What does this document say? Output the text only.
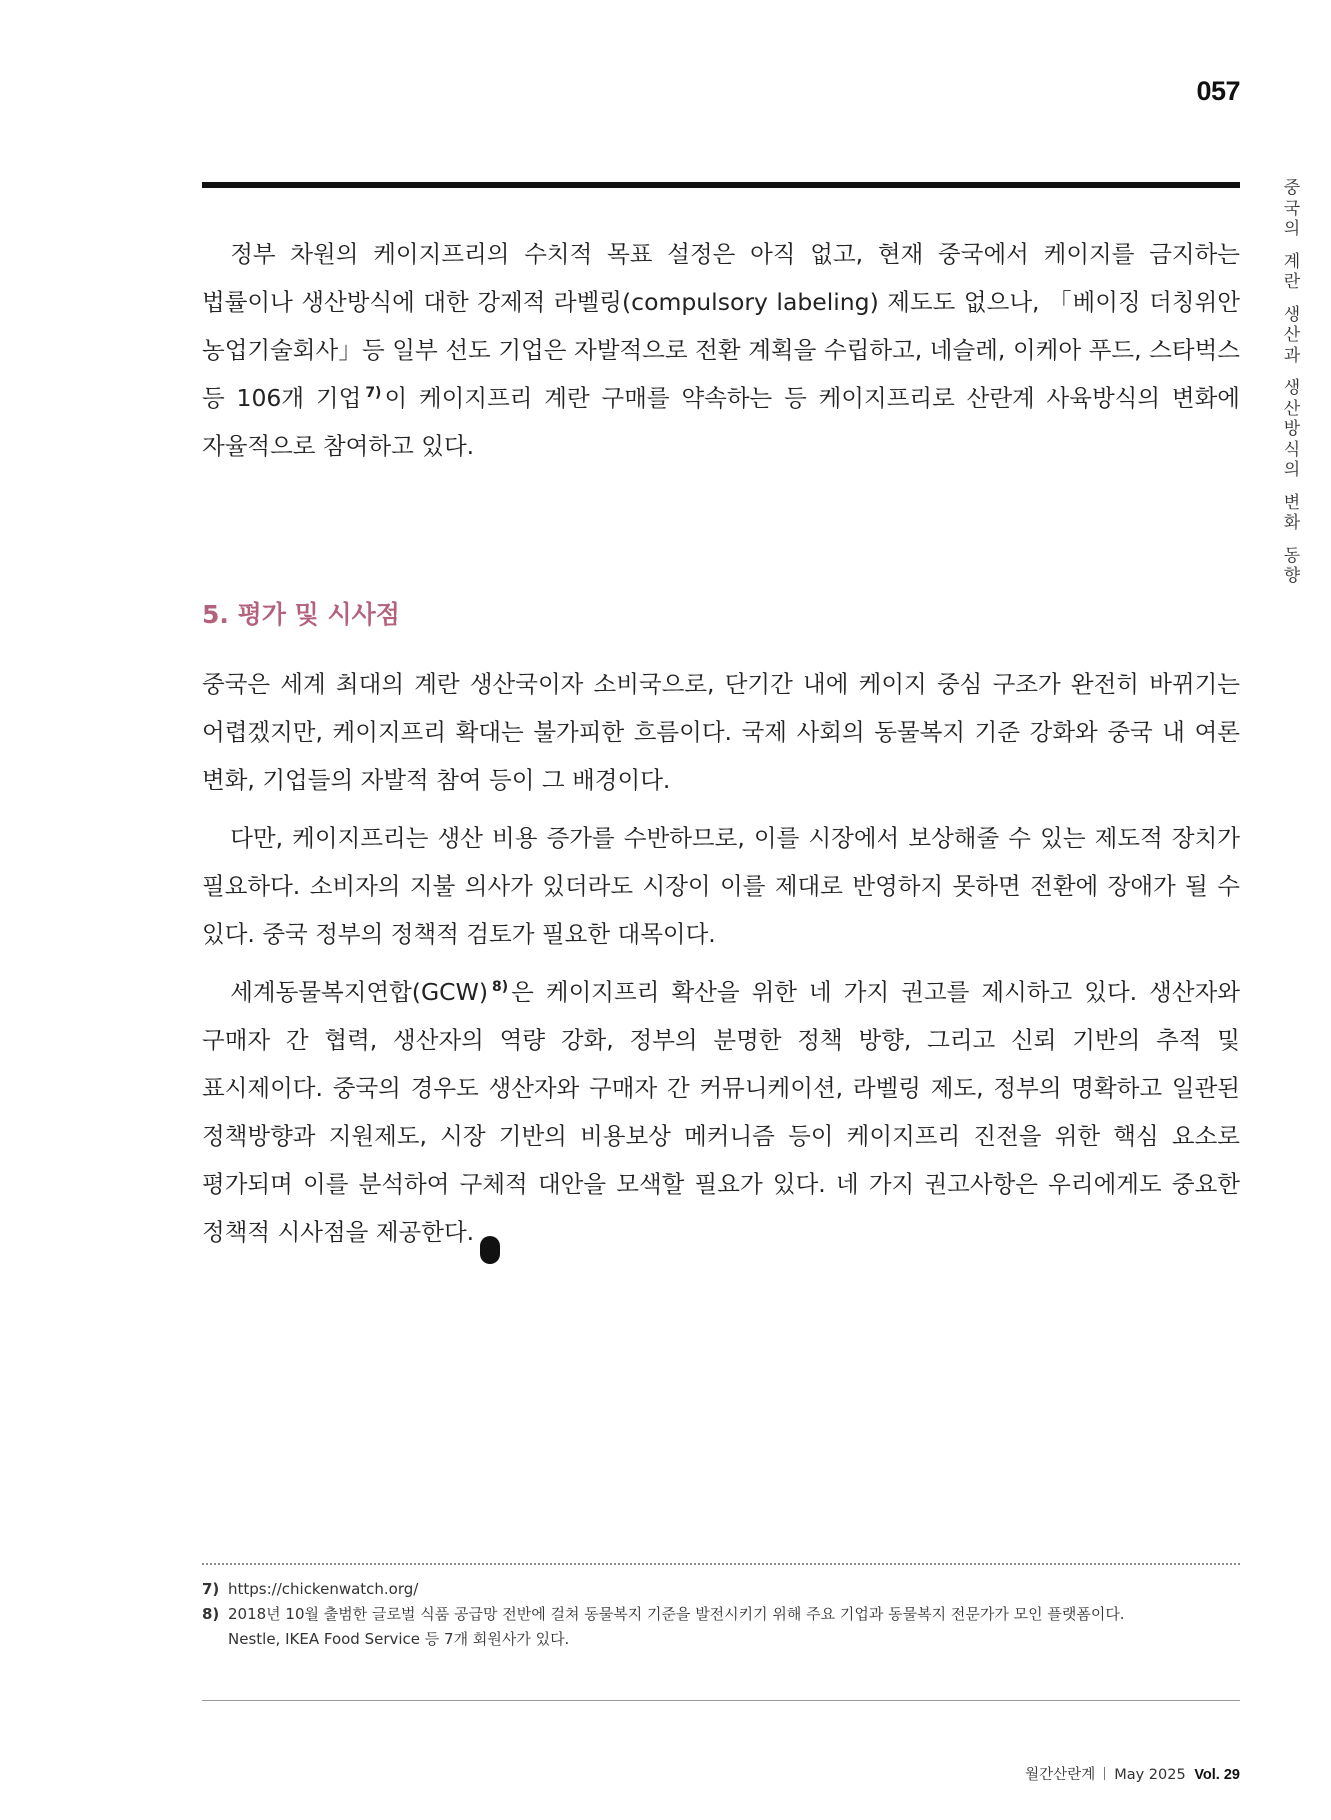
057
중
국
의
계
란
생
산
과
생
산
방
식
의
변
화
동
향

정부 차원의 케이지프리의 수치적 목표 설정은 아직 없고, 현재 중국에서 케이지를 금지하는 법률이나 생산방식에 대한 강제적 라벨링(compulsory labeling) 제도도 없으나, 「베이징 더칭위안 농업기술회사」등 일부 선도 기업은 자발적으로 전환 계획을 수립하고, 네슬레, 이케아 푸드, 스타벅스 등 106개 기업 $^{7)}$ 이 케이지프리 계란 구매를 약속하는 등 케이지프리로 산란계 사육방식의 변화에 자율적으로 참여하고 있다.

5. 평가 및 시사점

중국은 세계 최대의 계란 생산국이자 소비국으로, 단기간 내에 케이지 중심 구조가 완전히 바뀌기는 어렵겠지만, 케이지프리 확대는 불가피한 흐름이다. 국제 사회의 동물복지 기준 강화와 중국 내 여론 변화, 기업들의 자발적 참여 등이 그 배경이다.

다만, 케이지프리는 생산 비용 증가를 수반하므로, 이를 시장에서 보상해줄 수 있는 제도적 장치가 필요하다. 소비자의 지불 의사가 있더라도 시장이 이를 제대로 반영하지 못하면 전환에 장애가 될 수 있다. 중국 정부의 정책적 검토가 필요한 대목이다.

세계동물복지연합(GCW) $^{8)}$ 은 케이지프리 확산을 위한 네 가지 권고를 제시하고 있다. 생산자와 구매자 간 협력, 생산자의 역량 강화, 정부의 분명한 정책 방향, 그리고 신뢰 기반의 추적 및 표시제이다. 중국의 경우도 생산자와 구매자 간 커뮤니케이션, 라벨링 제도, 정부의 명확하고 일관된 정책방향과 지원제도, 시장 기반의 비용보상 메커니즘 등이 케이지프리 진전을 위한 핵심 요소로 평가되며 이를 분석하여 구체적 대안을 모색할 필요가 있다. 네 가지 권고사항은 우리에게도 중요한 정책적 시사점을 제공한다.	산란

7) https://chickenwatch.org/
8) 2018년 10월 출범한 글로벌 식품 공급망 전반에 걸쳐 동물복지 기준을 발전시키기 위해 주요 기업과 동물복지 전문가가 모인 플랫폼이다.
Nestle, IKEA Food Service 등 7개 회원사가 있다.
월간산란계 May 2025 Vol. 29
